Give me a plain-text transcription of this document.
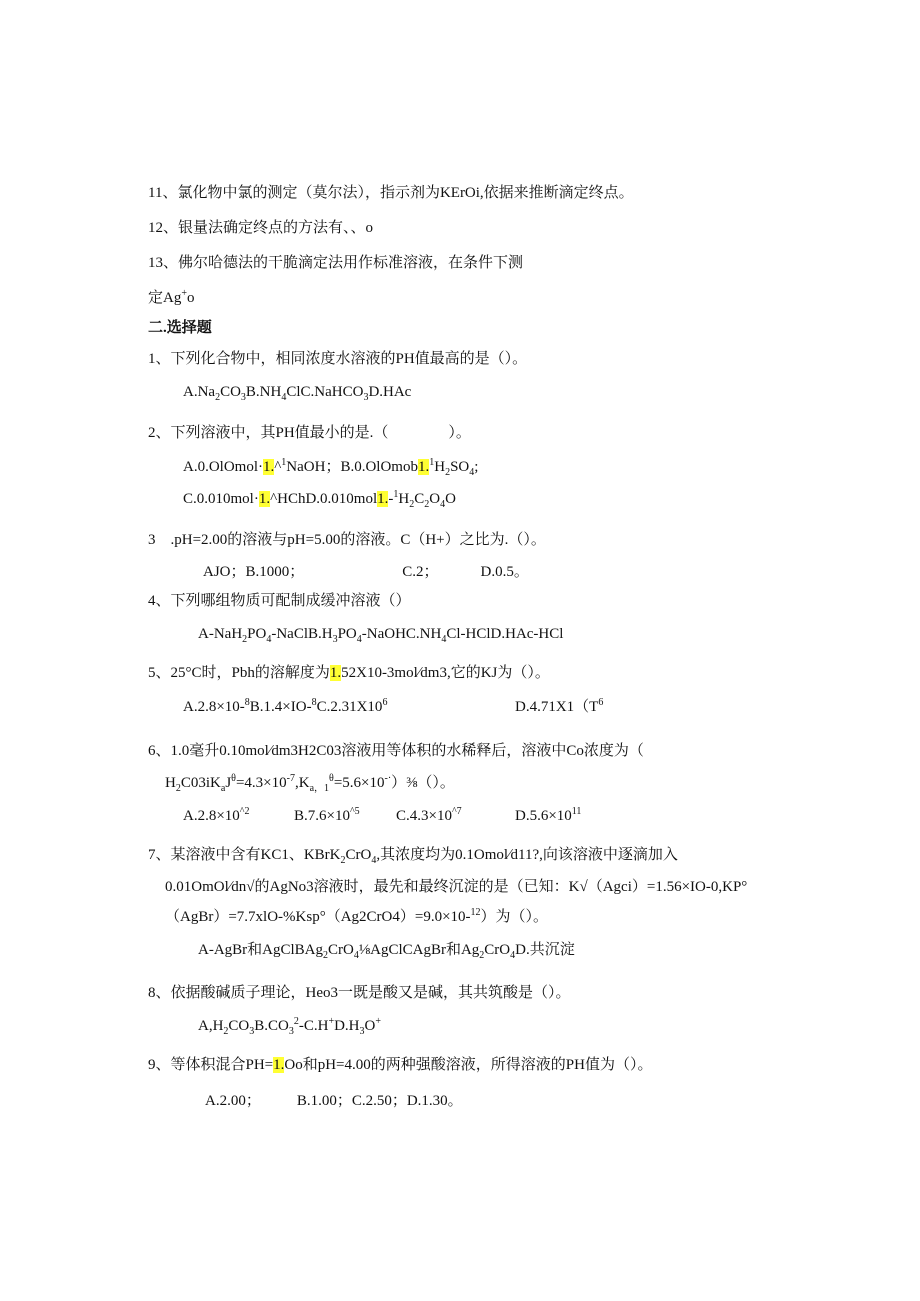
11、氯化物中氯的测定（莫尔法），指示剂为KErOi,依据来推断滴定终点。
12、银量法确定终点的方法有、、o
13、佛尔哈德法的干脆滴定法用作标准溶液，在条件下测
定Ag+o
二.选择题
1、下列化合物中，相同浓度水溶液的PH值最高的是（）。
$A.Na_2CO_3B.NH_4ClC.NaHCO_3D.HAc$
2、下列溶液中，其PH值最小的是.（　　　　）。
A.0.OlOmol·1.^$^1$NaOH；$B.0.OlOmob1.^1H_2SO_4$;
$C.0.010mol\cdot 1.\^{}HChD.0.010mol1.-^1H_2C_2O_4O$
3　.pH=2.00的溶液与pH=5.00的溶液。C（H+）之比为.（）。
AJO；B.1000；	C.2；	D.0.5。
4、下列哪组物质可配制成缓冲溶液（）
$A-NaH_2PO_4-NaClB.H_3PO_4-NaOHC.NH_4Cl-HClD.HAc$-HCl
5、25°C时，Pbh的溶解度为1.52X10-3mol∕dm3,它的KJ为（）。
$A.2.8\times 10-^8B.1.4\times IO-^8C.2.31X10^6$	$D.4.71X1(T^6$
6、1.0毫升0.10mol∕dm3H2C03溶液用等体积的水稀释后，溶液中Co浓度为（
$H_2C03iK_aJ^\theta=4.3\times 10^{-7},K_{a,1}^\theta=5.6\times 10^{-\cdot})\frac{3}{8}()$。
$A.2.8\times 10^{\^{}2}$	$B.7.6\times 10^{\^{}5}$ $C.4.3\times 10^{\^{}7}$	$D.5.6\times 10^{11}$
7、某溶液中含有KC1、KBrK$_2$CrO$_4$,其浓度均为0.1Omol∕d11?,向该溶液中逐滴加入
0.01OmOl∕dn√的AgNo3溶液时，最先和最终沉淀的是（已知：K√（Agci）=1.56×IO-0,KP°
（AgBr）=7.7xlO-%Ksp°（Ag2CrO4）=9.0×10-$^{12}$）为（）。
A-AgBr和AgClBAg$_2$CrO$_4$⅛AgClCAgBr和$Ag_2CrO_4D$.共沉淀
8、依据酸碱质子理论，Heo3一既是酸又是碱，其共筑酸是（）。
$A,H_2CO_3B.CO_3^2-C.H^+D.H_3O^+$
9、等体积混合PH=1.Oo和pH=4.00的两种强酸溶液，所得溶液的PH值为（）。
A.2.00； B.1.00；C.2.50；D.1.30。
